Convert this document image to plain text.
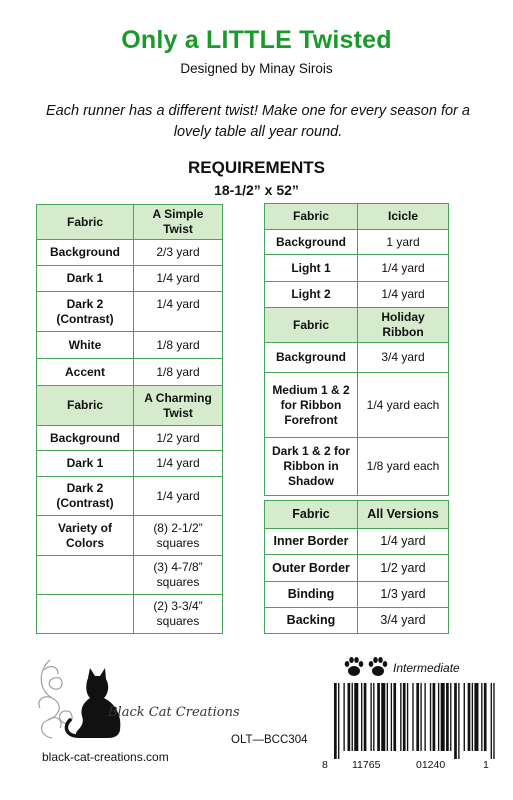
Only a LITTLE Twisted
Designed by Minay Sirois
Each runner has a different twist! Make one for every season for a lovely table all year round.
REQUIREMENTS
18-1/2” x 52”
Fabric	A Simple Twist
Background	2/3 yard
Dark 1	1/4 yard
Dark 2 (Contrast)	1/4 yard
White	1/8 yard
Accent	1/8 yard
Fabric	A Charming Twist
Background	1/2 yard
Dark 1	1/4 yard
Dark 2 (Contrast)	1/4 yard
Variety of Colors	(8) 2-1/2” squares
	(3) 4-7/8” squares
	(2) 3-3/4” squares
Fabric	Icicle
Background	1 yard
Light 1	1/4 yard
Light 2	1/4 yard
Fabric	Holiday Ribbon
Background	3/4 yard
Medium 1 & 2 for Ribbon Forefront	1/4 yard each
Dark 1 & 2 for Ribbon in Shadow	1/8 yard each
Fabric	All Versions
Inner Border	1/4 yard
Outer Border	1/2 yard
Binding	1/3 yard
Backing	3/4 yard
Black Cat Creations
black-cat-creations.com
OLT—BCC304
Intermediate
8 11765	01240	1
